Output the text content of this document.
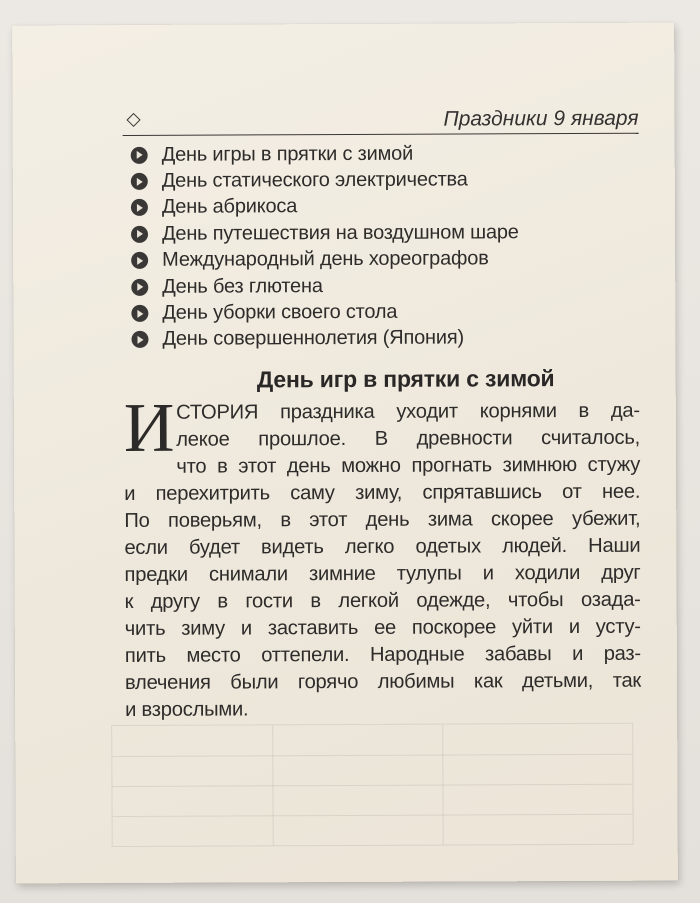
Праздники 9 января
День игры в прятки с зимой
День статического электричества
День абрикоса
День путешествия на воздушном шаре
Международный день хореографов
День без глютена
День уборки своего стола
День совершеннолетия (Япония)
День игр в прятки с зимой
И СТОРИЯ праздника уходит корнями в да-
лекое прошлое. В древности считалось,
что в этот день можно прогнать зимнюю стужу
и перехитрить саму зиму, спрятавшись от нее.
По поверьям, в этот день зима скорее убежит,
если будет видеть легко одетых людей. Наши
предки снимали зимние тулупы и ходили друг
к другу в гости в легкой одежде, чтобы озада-
чить зиму и заставить ее поскорее уйти и усту-
пить место оттепели. Народные забавы и раз-
влечения были горячо любимы как детьми, так
и взрослыми.
